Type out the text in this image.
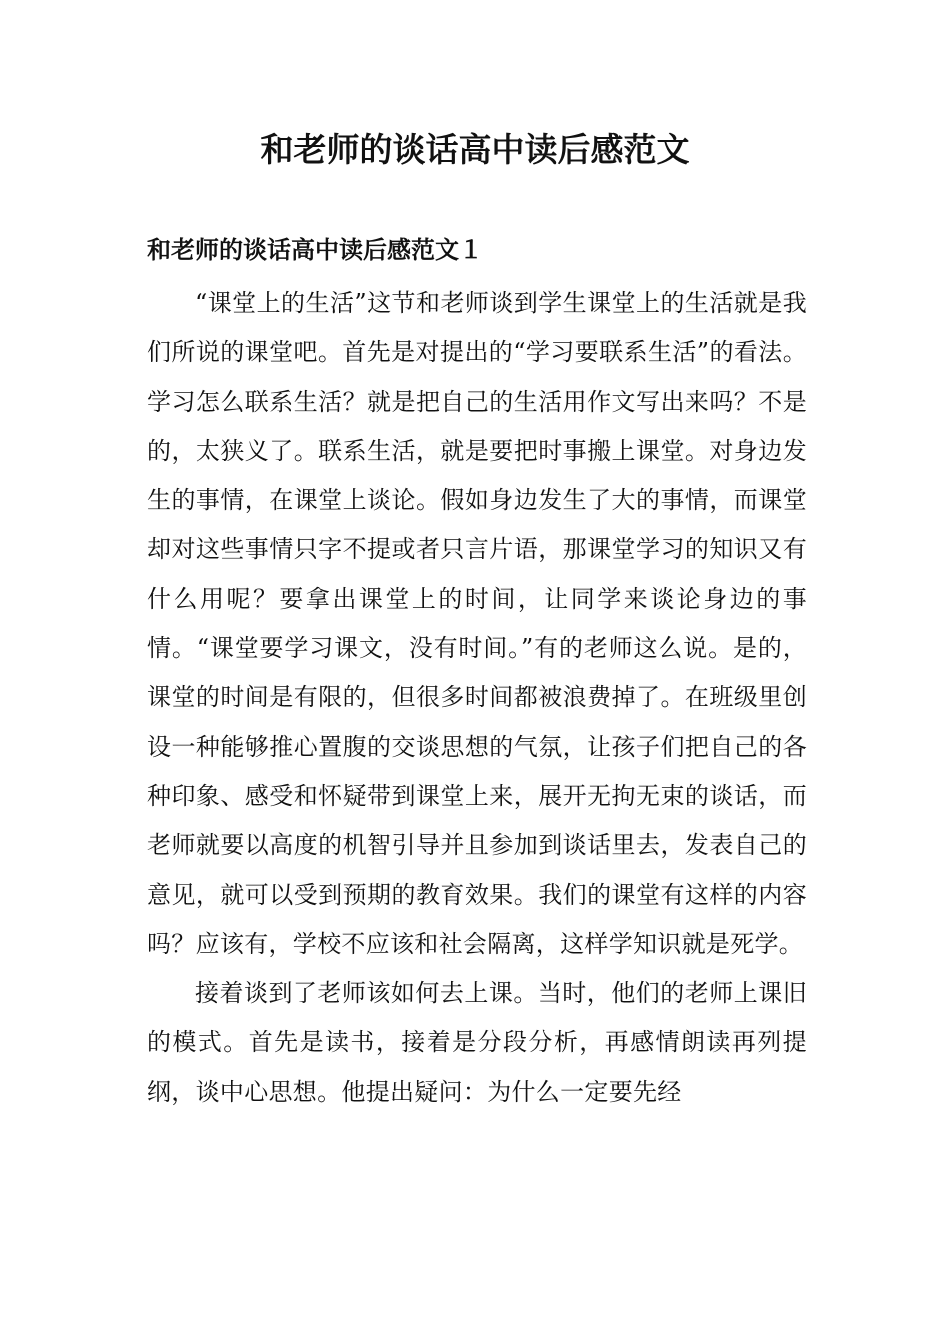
和老师的谈话高中读后感范文
和老师的谈话高中读后感范文１

“课堂上的生活”这节和老师谈到学生课堂上的生活就是我们所说的课堂吧。首先是对提出的“学习要联系生活”的看法。学习怎么联系生活？就是把自己的生活用作文写出来吗？不是的，太狭义了。联系生活，就是要把时事搬上课堂。对身边发生的事情，在课堂上谈论。假如身边发生了大的事情，而课堂却对这些事情只字不提或者只言片语，那课堂学习的知识又有什么用呢？要拿出课堂上的时间，让同学来谈论身边的事情。“课堂要学习课文，没有时间。”有的老师这么说。是的，课堂的时间是有限的，但很多时间都被浪费掉了。在班级里创设一种能够推心置腹的交谈思想的气氛，让孩子们把自己的各种印象、感受和怀疑带到课堂上来，展开无拘无束的谈话，而老师就要以高度的机智引导并且参加到谈话里去，发表自己的意见，就可以受到预期的教育效果。我们的课堂有这样的内容吗？应该有，学校不应该和社会隔离，这样学知识就是死学。

接着谈到了老师该如何去上课。当时，他们的老师上课旧的模式。首先是读书，接着是分段分析，再感情朗读再列提纲，谈中心思想。他提出疑问：为什么一定要先经
